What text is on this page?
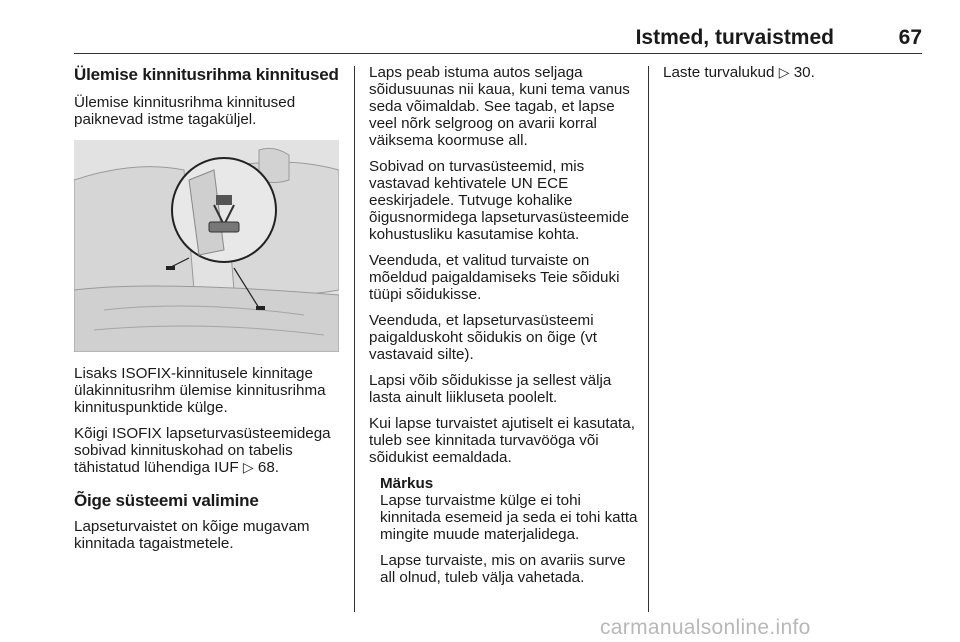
Istmed, turvaistmed	67
Ülemise kinnitusrihma kinnitused

Ülemise kinnitusrihma kinnitused paiknevad istme tagaküljel.

Lisaks ISOFIX-kinnitusele kinnitage ülakinnitusrihm ülemise kinnitusrihma kinnituspunktide külge.

Kõigi ISOFIX lapseturvasüsteemidega sobivad kinnituskohad on tabelis tähistatud lühendiga IUF ▷ 68.

Õige süsteemi valimine

Lapseturvaistet on kõige mugavam kinnitada tagaistmetele.

Laps peab istuma autos seljaga sõidusuunas nii kaua, kuni tema vanus seda võimaldab. See tagab, et lapse veel nõrk selgroog on avarii korral väiksema koormuse all.

Sobivad on turvasüsteemid, mis vastavad kehtivatele UN ECE eeskirjadele. Tutvuge kohalike õigusnormidega lapseturvasüsteemide kohustusliku kasutamise kohta.

Veenduda, et valitud turvaiste on mõeldud paigaldamiseks Teie sõiduki tüüpi sõidukisse.

Veenduda, et lapseturvasüsteemi paigalduskoht sõidukis on õige (vt vastavaid silte).

Lapsi võib sõidukisse ja sellest välja lasta ainult liikluseta poolelt.

Kui lapse turvaistet ajutiselt ei kasutata, tuleb see kinnitada turvavööga või sõidukist eemaldada.

Märkus

Lapse turvaistme külge ei tohi kinnitada esemeid ja seda ei tohi katta mingite muude materjalidega.

Lapse turvaiste, mis on avariis surve all olnud, tuleb välja vahetada.

Laste turvalukud ▷ 30.

carmanualsonline.info
